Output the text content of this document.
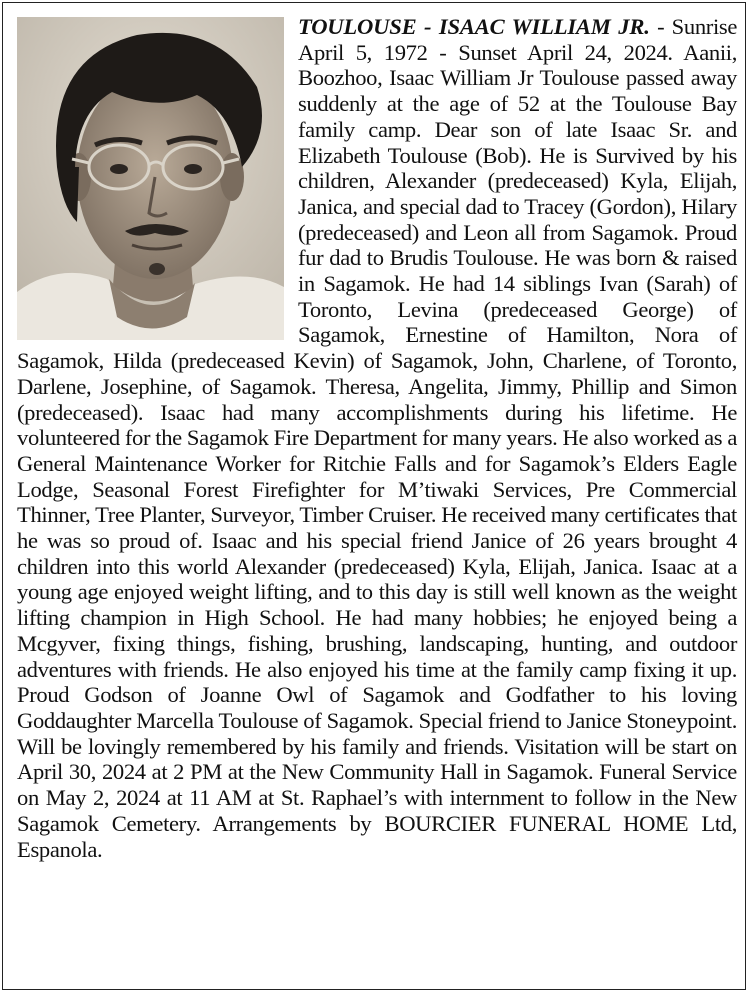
TOULOUSE - ISAAC WILLIAM JR. - Sunrise April 5, 1972 - Sunset April 24, 2024. Aanii, Boozhoo, Isaac William Jr Toulouse passed away suddenly at the age of 52 at the Toulouse Bay family camp. Dear son of late Isaac Sr. and Elizabeth Toulouse (Bob). He is Survived by his children, Alexander (predeceased) Kyla, Elijah, Janica, and special dad to Tracey (Gordon), Hilary (predeceased) and Leon all from Sagamok. Proud fur dad to Brudis Toulouse. He was born & raised in Sagamok. He had 14 siblings Ivan (Sarah) of Toronto, Levina (predeceased George) of Sagamok, Ernestine of Hamilton, Nora of Sagamok, Hilda (predeceased Kevin) of Sagamok, John, Charlene, of Toronto, Darlene, Josephine, of Sagamok. Theresa, Angelita, Jimmy, Phillip and Simon (predeceased). Isaac had many accomplishments during his lifetime. He volunteered for the Sagamok Fire Department for many years. He also worked as a General Maintenance Worker for Ritchie Falls and for Sagamok’s Elders Eagle Lodge, Seasonal Forest Firefighter for M’tiwaki Services, Pre Commercial Thinner, Tree Planter, Surveyor, Timber Cruiser. He received many certificates that he was so proud of. Isaac and his special friend Janice of 26 years brought 4 children into this world Alexander (predeceased) Kyla, Elijah, Janica. Isaac at a young age enjoyed weight lifting, and to this day is still well known as the weight lifting champion in High School. He had many hobbies; he enjoyed being a Mcgyver, fixing things, fishing, brushing, landscaping, hunting, and outdoor adventures with friends. He also enjoyed his time at the family camp fixing it up. Proud Godson of Joanne Owl of Sagamok and Godfather to his loving Goddaughter Marcella Toulouse of Sagamok. Special friend to Janice Stoneypoint. Will be lovingly remembered by his family and friends. Visitation will be start on April 30, 2024 at 2 PM at the New Community Hall in Sagamok. Funeral Service on May 2, 2024 at 11 AM at St. Raphael’s with internment to follow in the New Sagamok Cemetery. Arrangements by BOURCIER FUNERAL HOME Ltd, Espanola.
